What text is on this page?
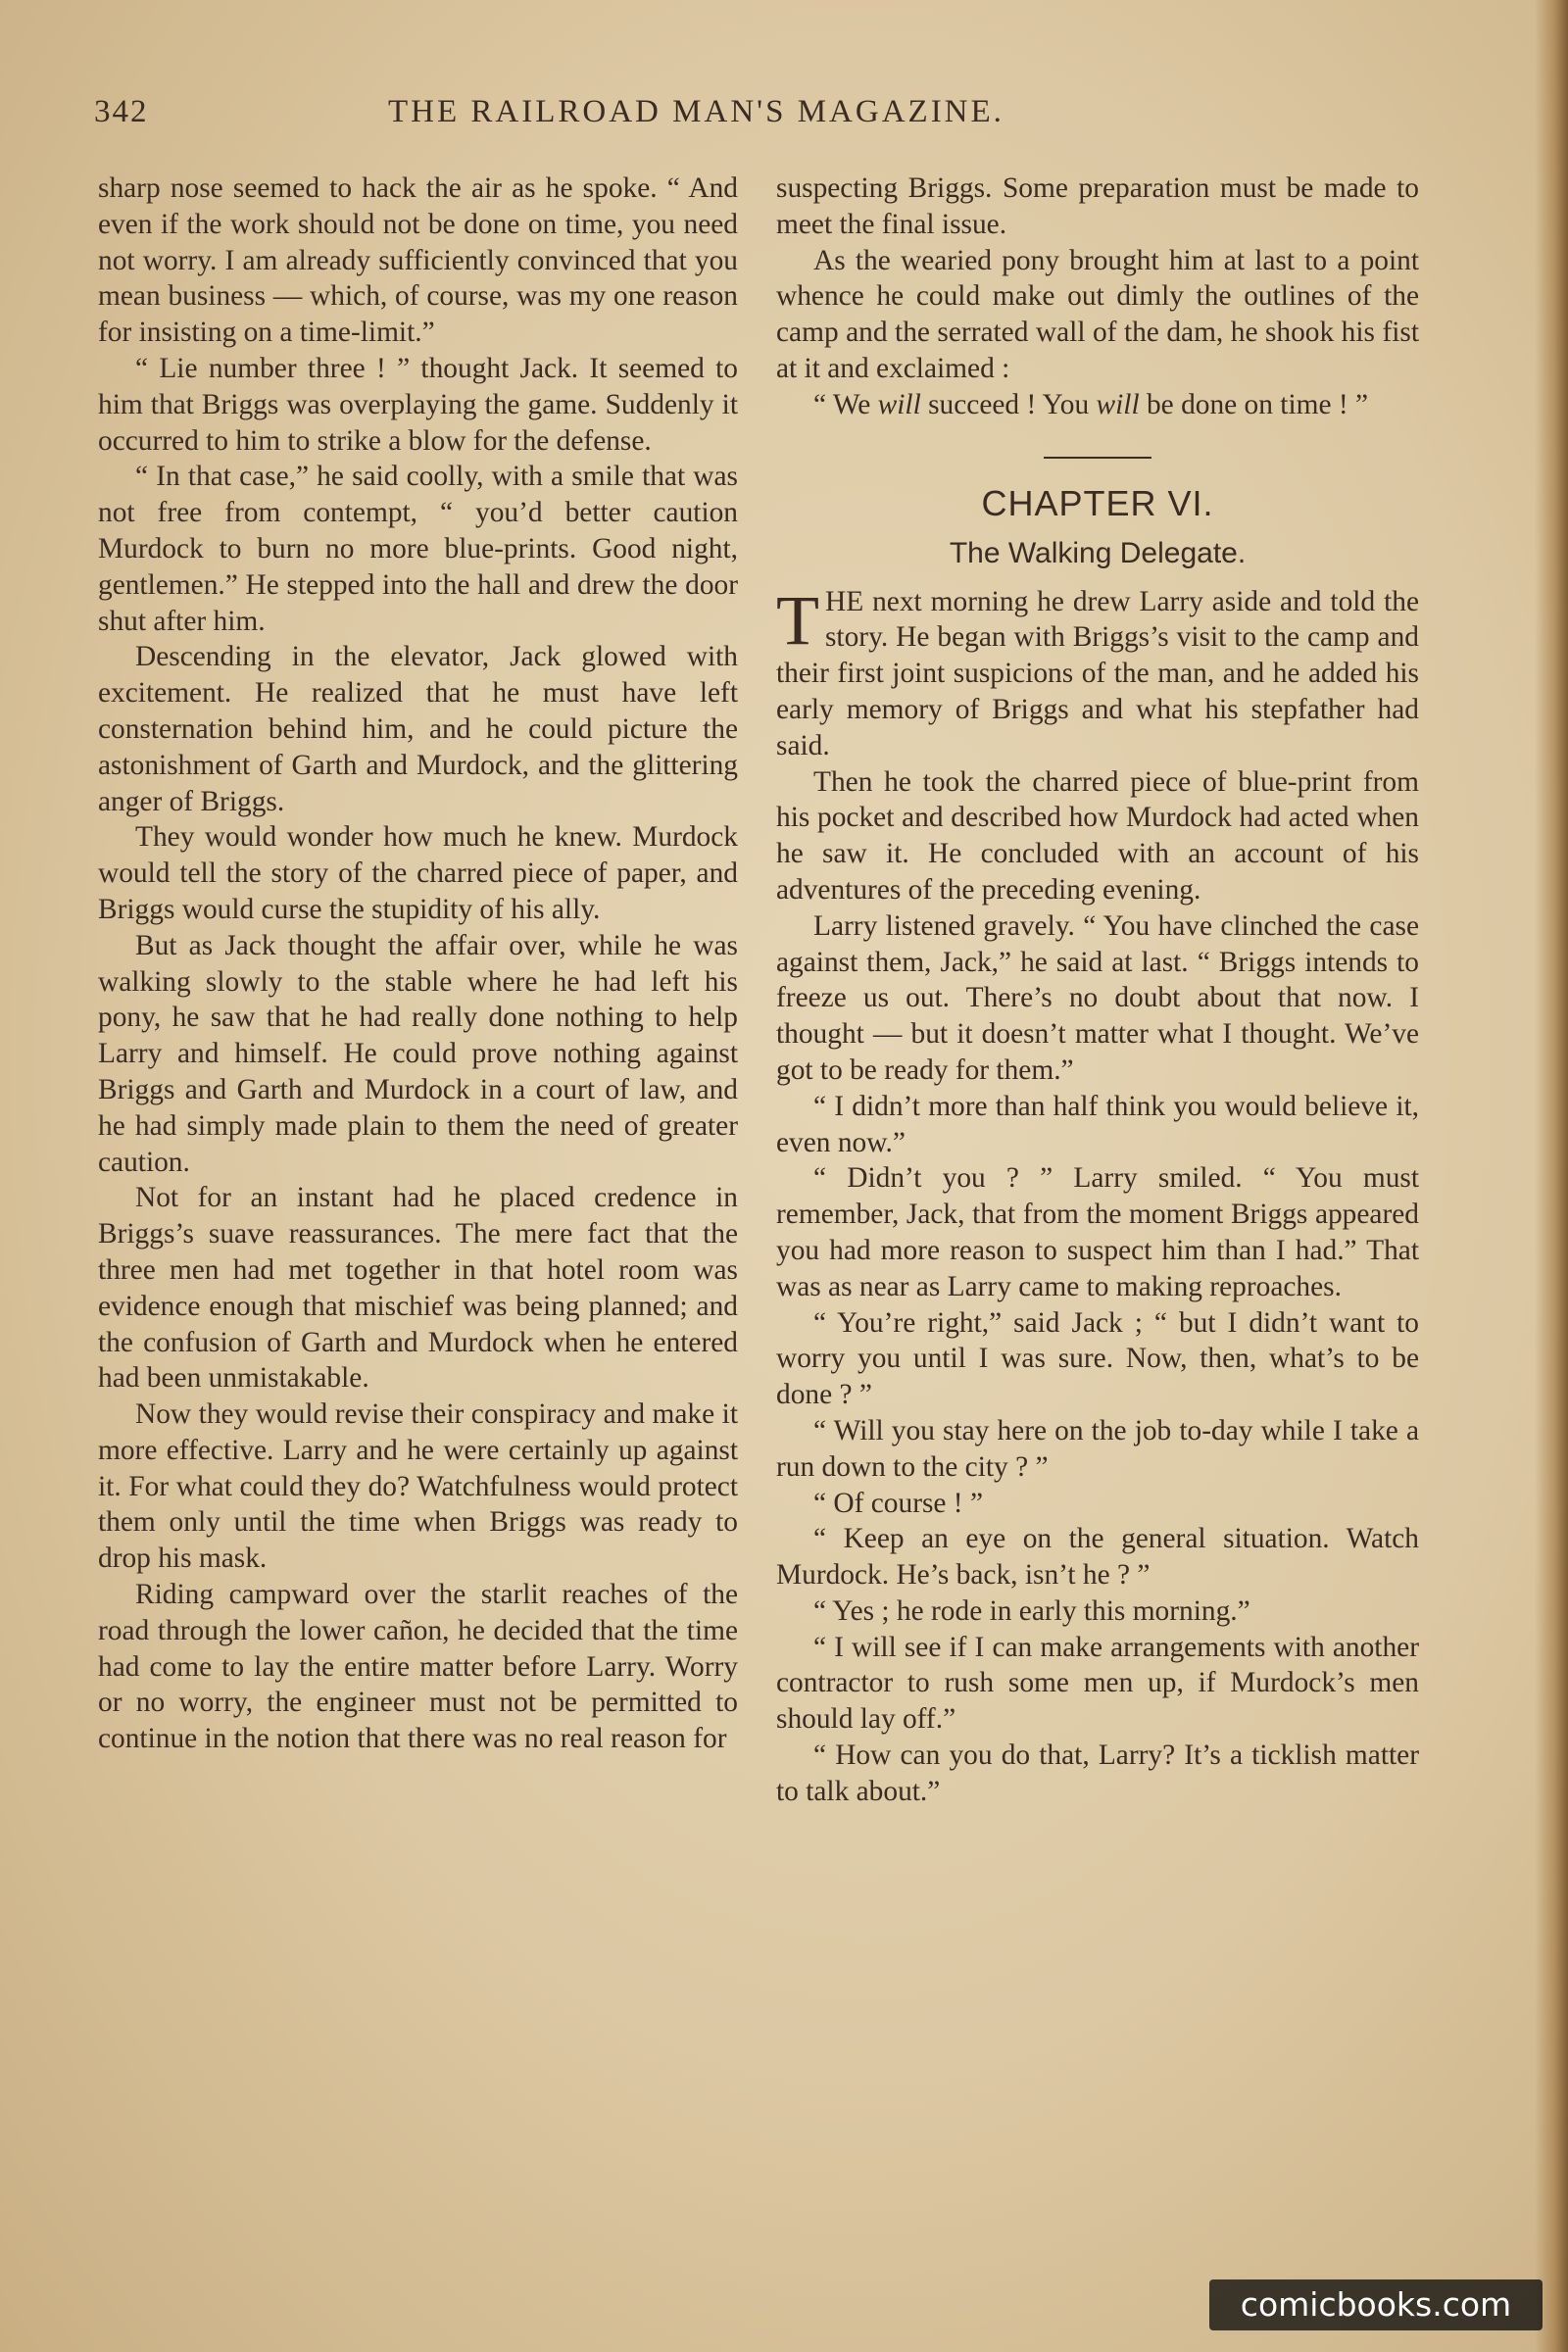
342	THE RAILROAD MAN'S MAGAZINE.

sharp nose seemed to hack the air as he spoke. “ And even if the work should not be done on time, you need not worry. I am already sufficiently convinced that you mean business — which, of course, was my one reason for insisting on a time-limit.”

“ Lie number three ! ” thought Jack. It seemed to him that Briggs was overplaying the game. Suddenly it occurred to him to strike a blow for the defense.

“ In that case,” he said coolly, with a smile that was not free from contempt, “ you’d better caution Murdock to burn no more blue-prints. Good night, gentlemen.” He stepped into the hall and drew the door shut after him.

Descending in the elevator, Jack glowed with excitement. He realized that he must have left consternation behind him, and he could picture the astonishment of Garth and Murdock, and the glittering anger of Briggs.

They would wonder how much he knew. Murdock would tell the story of the charred piece of paper, and Briggs would curse the stupidity of his ally.

But as Jack thought the affair over, while he was walking slowly to the stable where he had left his pony, he saw that he had really done nothing to help Larry and himself. He could prove nothing against Briggs and Garth and Murdock in a court of law, and he had simply made plain to them the need of greater caution.

Not for an instant had he placed credence in Briggs’s suave reassurances. The mere fact that the three men had met together in that hotel room was evidence enough that mischief was being planned; and the confusion of Garth and Murdock when he entered had been unmistakable.

Now they would revise their conspiracy and make it more effective. Larry and he were certainly up against it. For what could they do? Watchfulness would protect them only until the time when Briggs was ready to drop his mask.

Riding campward over the starlit reaches of the road through the lower cañon, he decided that the time had come to lay the entire matter before Larry. Worry or no worry, the engineer must not be permitted to continue in the notion that there was no real reason for

suspecting Briggs. Some preparation must be made to meet the final issue.

As the wearied pony brought him at last to a point whence he could make out dimly the outlines of the camp and the serrated wall of the dam, he shook his fist at it and exclaimed :

“ We will succeed ! You will be done on time ! ”

CHAPTER VI.
The Walking Delegate.

THE next morning he drew Larry aside and told the story. He began with Briggs’s visit to the camp and their first joint suspicions of the man, and he added his early memory of Briggs and what his stepfather had said.

Then he took the charred piece of blue-print from his pocket and described how Murdock had acted when he saw it. He concluded with an account of his adventures of the preceding evening.

Larry listened gravely. “ You have clinched the case against them, Jack,” he said at last. “ Briggs intends to freeze us out. There’s no doubt about that now. I thought — but it doesn’t matter what I thought. We’ve got to be ready for them.”

“ I didn’t more than half think you would believe it, even now.”

“ Didn’t you ? ” Larry smiled. “ You must remember, Jack, that from the moment Briggs appeared you had more reason to suspect him than I had.” That was as near as Larry came to making reproaches.

“ You’re right,” said Jack ; “ but I didn’t want to worry you until I was sure. Now, then, what’s to be done ? ”

“ Will you stay here on the job to-day while I take a run down to the city ? ”

“ Of course ! ”

“ Keep an eye on the general situation. Watch Murdock. He’s back, isn’t he ? ”

“ Yes ; he rode in early this morning.”

“ I will see if I can make arrangements with another contractor to rush some men up, if Murdock’s men should lay off.”

“ How can you do that, Larry? It’s a ticklish matter to talk about.”

comicbooks.com
